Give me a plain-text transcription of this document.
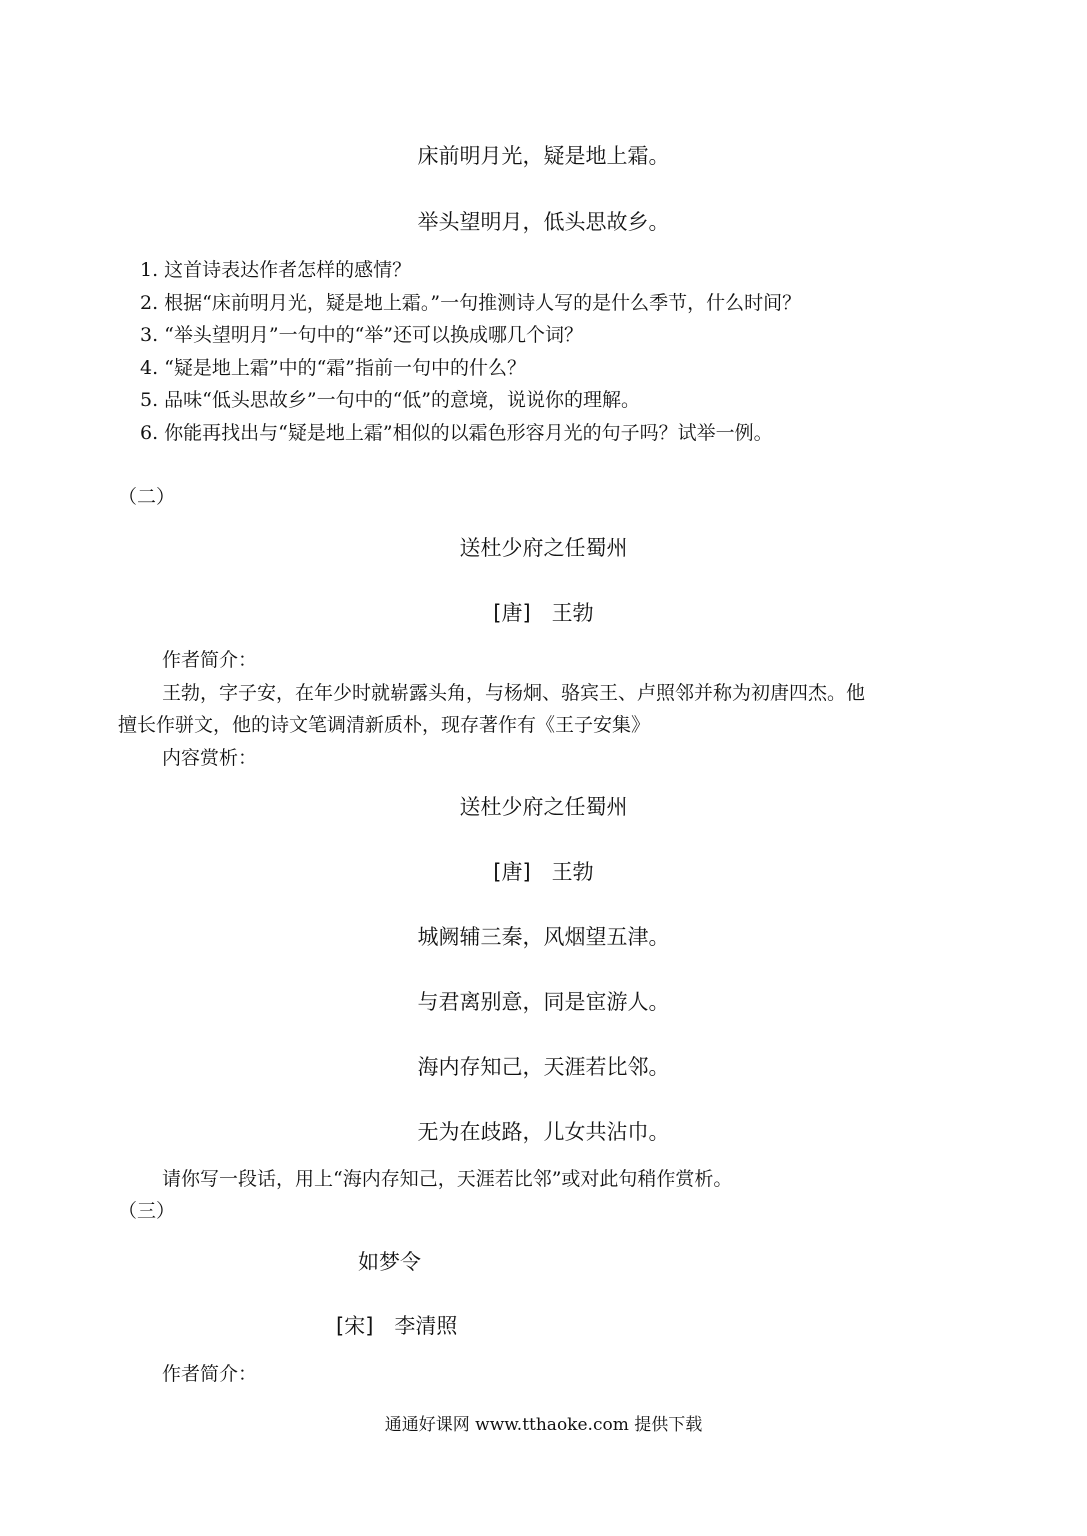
床前明月光，疑是地上霜。
举头望明月，低头思故乡。
1. 这首诗表达作者怎样的感情？
2. 根据“床前明月光，疑是地上霜。”一句推测诗人写的是什么季节，什么时间？
3. “举头望明月”一句中的“举”还可以换成哪几个词？
4. “疑是地上霜”中的“霜”指前一句中的什么？
5. 品味“低头思故乡”一句中的“低”的意境，说说你的理解。
6. 你能再找出与“疑是地上霜”相似的以霜色形容月光的句子吗？试举一例。
（二）
送杜少府之任蜀州
[唐]　王勃
作者简介：
王勃，字子安，在年少时就崭露头角，与杨炯、骆宾王、卢照邻并称为初唐四杰。他
擅长作骈文，他的诗文笔调清新质朴，现存著作有《王子安集》
内容赏析：
送杜少府之任蜀州
[唐]　王勃
城阙辅三秦，风烟望五津。
与君离别意，同是宦游人。
海内存知己，天涯若比邻。
无为在歧路，儿女共沾巾。
请你写一段话，用上“海内存知己，天涯若比邻”或对此句稍作赏析。
（三）
如梦令
[宋]　李清照
作者简介：
通通好课网 www.tthaoke.com 提供下载
